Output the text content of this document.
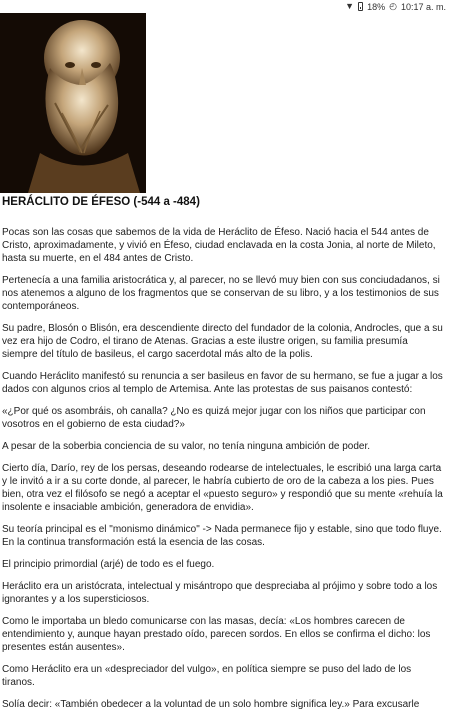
▼ 18% ◴ 10:17 a. m.
HERÁCLITO DE ÉFESO (-544 a -484)

Pocas son las cosas que sabemos de la vida de Heráclito de Éfeso. Nació hacia el 544 antes de Cristo, aproximadamente, y vivió en Éfeso, ciudad enclavada en la costa Jonia, al norte de Mileto, hasta su muerte, en el 484 antes de Cristo.

Pertenecía a una familia aristocrática y, al parecer, no se llevó muy bien con sus conciudadanos, si nos atenemos a alguno de los fragmentos que se conservan de su libro, y a los testimonios de sus contemporáneos.

Su padre, Blosón o Blisón, era descendiente directo del fundador de la colonia, Androcles, que a su vez era hijo de Codro, el tirano de Atenas. Gracias a este ilustre origen, su familia presumía siempre del título de basileus, el cargo sacerdotal más alto de la polis.

Cuando Heráclito manifestó su renuncia a ser basileus en favor de su hermano, se fue a jugar a los dados con algunos crios al templo de Artemisa. Ante las protestas de sus paisanos contestó:

«¿Por qué os asombráis, oh canalla? ¿No es quizá mejor jugar con los niños que participar con vosotros en el gobierno de esta ciudad?»

A pesar de la soberbia conciencia de su valor, no tenía ninguna ambición de poder.

Cierto día, Darío, rey de los persas, deseando rodearse de intelectuales, le escribió una larga carta y le invitó a ir a su corte donde, al parecer, le habría cubierto de oro de la cabeza a los pies. Pues bien, otra vez el filósofo se negó a aceptar el «puesto seguro» y respondió que su mente «rehuía la insolente e insaciable ambición, generadora de envidia».

Su teoría principal es el "monismo dinámico" -> Nada permanece fijo y estable, sino que todo fluye. En la continua transformación está la esencia de las cosas.

El principio primordial (arjé) de todo es el fuego.

Heráclito era un aristócrata, intelectual y misántropo que despreciaba al prójimo y sobre todo a los ignorantes y a los supersticiosos.

Como le importaba un bledo comunicarse con las masas, decía: «Los hombres carecen de entendimiento y, aunque hayan prestado oído, parecen sordos. En ellos se confirma el dicho: los presentes están ausentes».

Como Heráclito era un «despreciador del vulgo», en política siempre se puso del lado de los tiranos.

Solía decir: «También obedecer a la voluntad de un solo hombre significa ley.» Para excusarle
